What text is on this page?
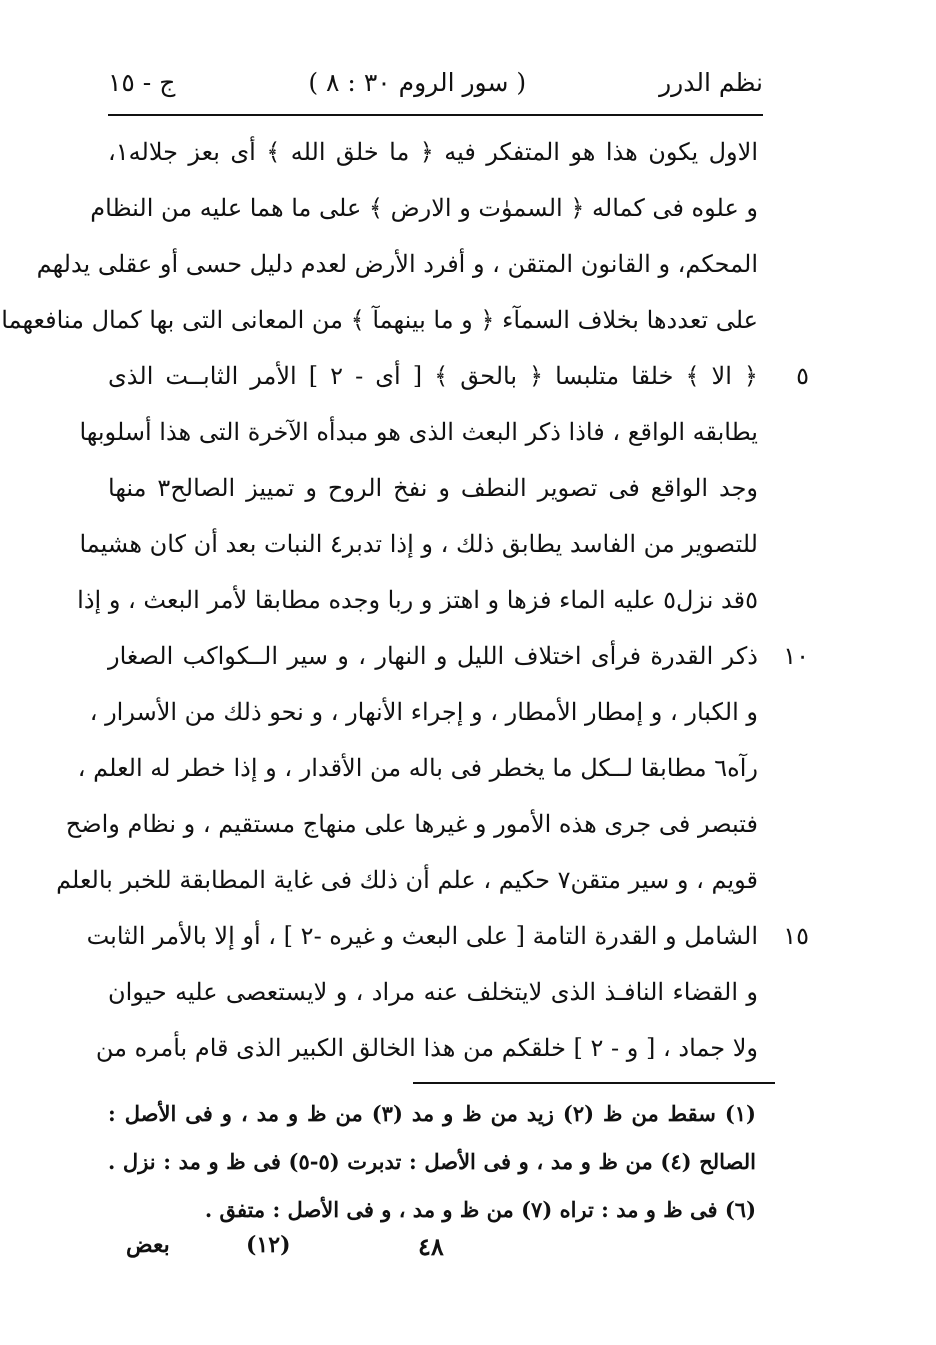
نظم الدرر
( سور الروم ٣٠ : ٨ )
ج - ١٥
الاول يكون هذا هو المتفكر فيه ﴿ ما خلق الله ﴾ أى بعز جلاله١،
و علوه فى كماله ﴿ السموٰت و الارض ﴾ على ما هما عليه من النظام
المحكم، و القانون المتقن ، و أفرد الأرض لعدم دليل حسى أو عقلى يدلهم
على تعددها بخلاف السمآء ﴿ و ما بينهمآ ﴾ من المعانى التى بها كمال منافعهما
﴿ الا ﴾ خلقا متلبسا ﴿ بالحق ﴾ [ أى - ٢ ] الأمر الثابــت الذى
يطابقه الواقع ، فاذا ذكر البعث الذى هو مبدأه الآخرة التى هذا أسلوبها
وجد الواقع فى تصوير النطف و نفخ الروح و تمييز الصالح٣ منها
للتصوير من الفاسد يطابق ذلك ، و إذا تدبر٤ النبات بعد أن كان هشيما
٥قد نزل٥ عليه الماء فزها و اهتز و ربا وجده مطابقا لأمر البعث ، و إذا
ذكر القدرة فرأى اختلاف الليل و النهار ، و سير الــكواكب الصغار
و الكبار ، و إمطار الأمطار ، و إجراء الأنهار ، و نحو ذلك من الأسرار ،
رآه٦ مطابقا لــكل ما يخطر فى باله من الأقدار ، و إذا خطر له العلم ،
فتبصر فى جرى هذه الأمور و غيرها على منهاج مستقيم ، و نظام واضح
قويم ، و سير متقن٧ حكيم ، علم أن ذلك فى غاية المطابقة للخبر بالعلم
الشامل و القدرة التامة [ على البعث و غيره -٢ ] ، أو إلا بالأمر الثابت
و القضاء النافـذ الذى لايتخلف عنه مراد ، و لايستعصى عليه حيوان
ولا جماد ، [ و - ٢ ] خلقكم من هذا الخالق الكبير الذى قام بأمره من
٥
١٠
١٥
(١) سقط من ظ (٢) زيد من ظ و مد (٣) من ظ و مد ، و فى الأصل :
الصالح (٤) من ظ و مد ، و فى الأصل : تدبرت (٥-٥) فى ظ و مد : نزل .
(٦) فى ظ و مد : تراه (٧) من ظ و مد ، و فى الأصل : متفق .
بعض	(١٢)	٤٨
